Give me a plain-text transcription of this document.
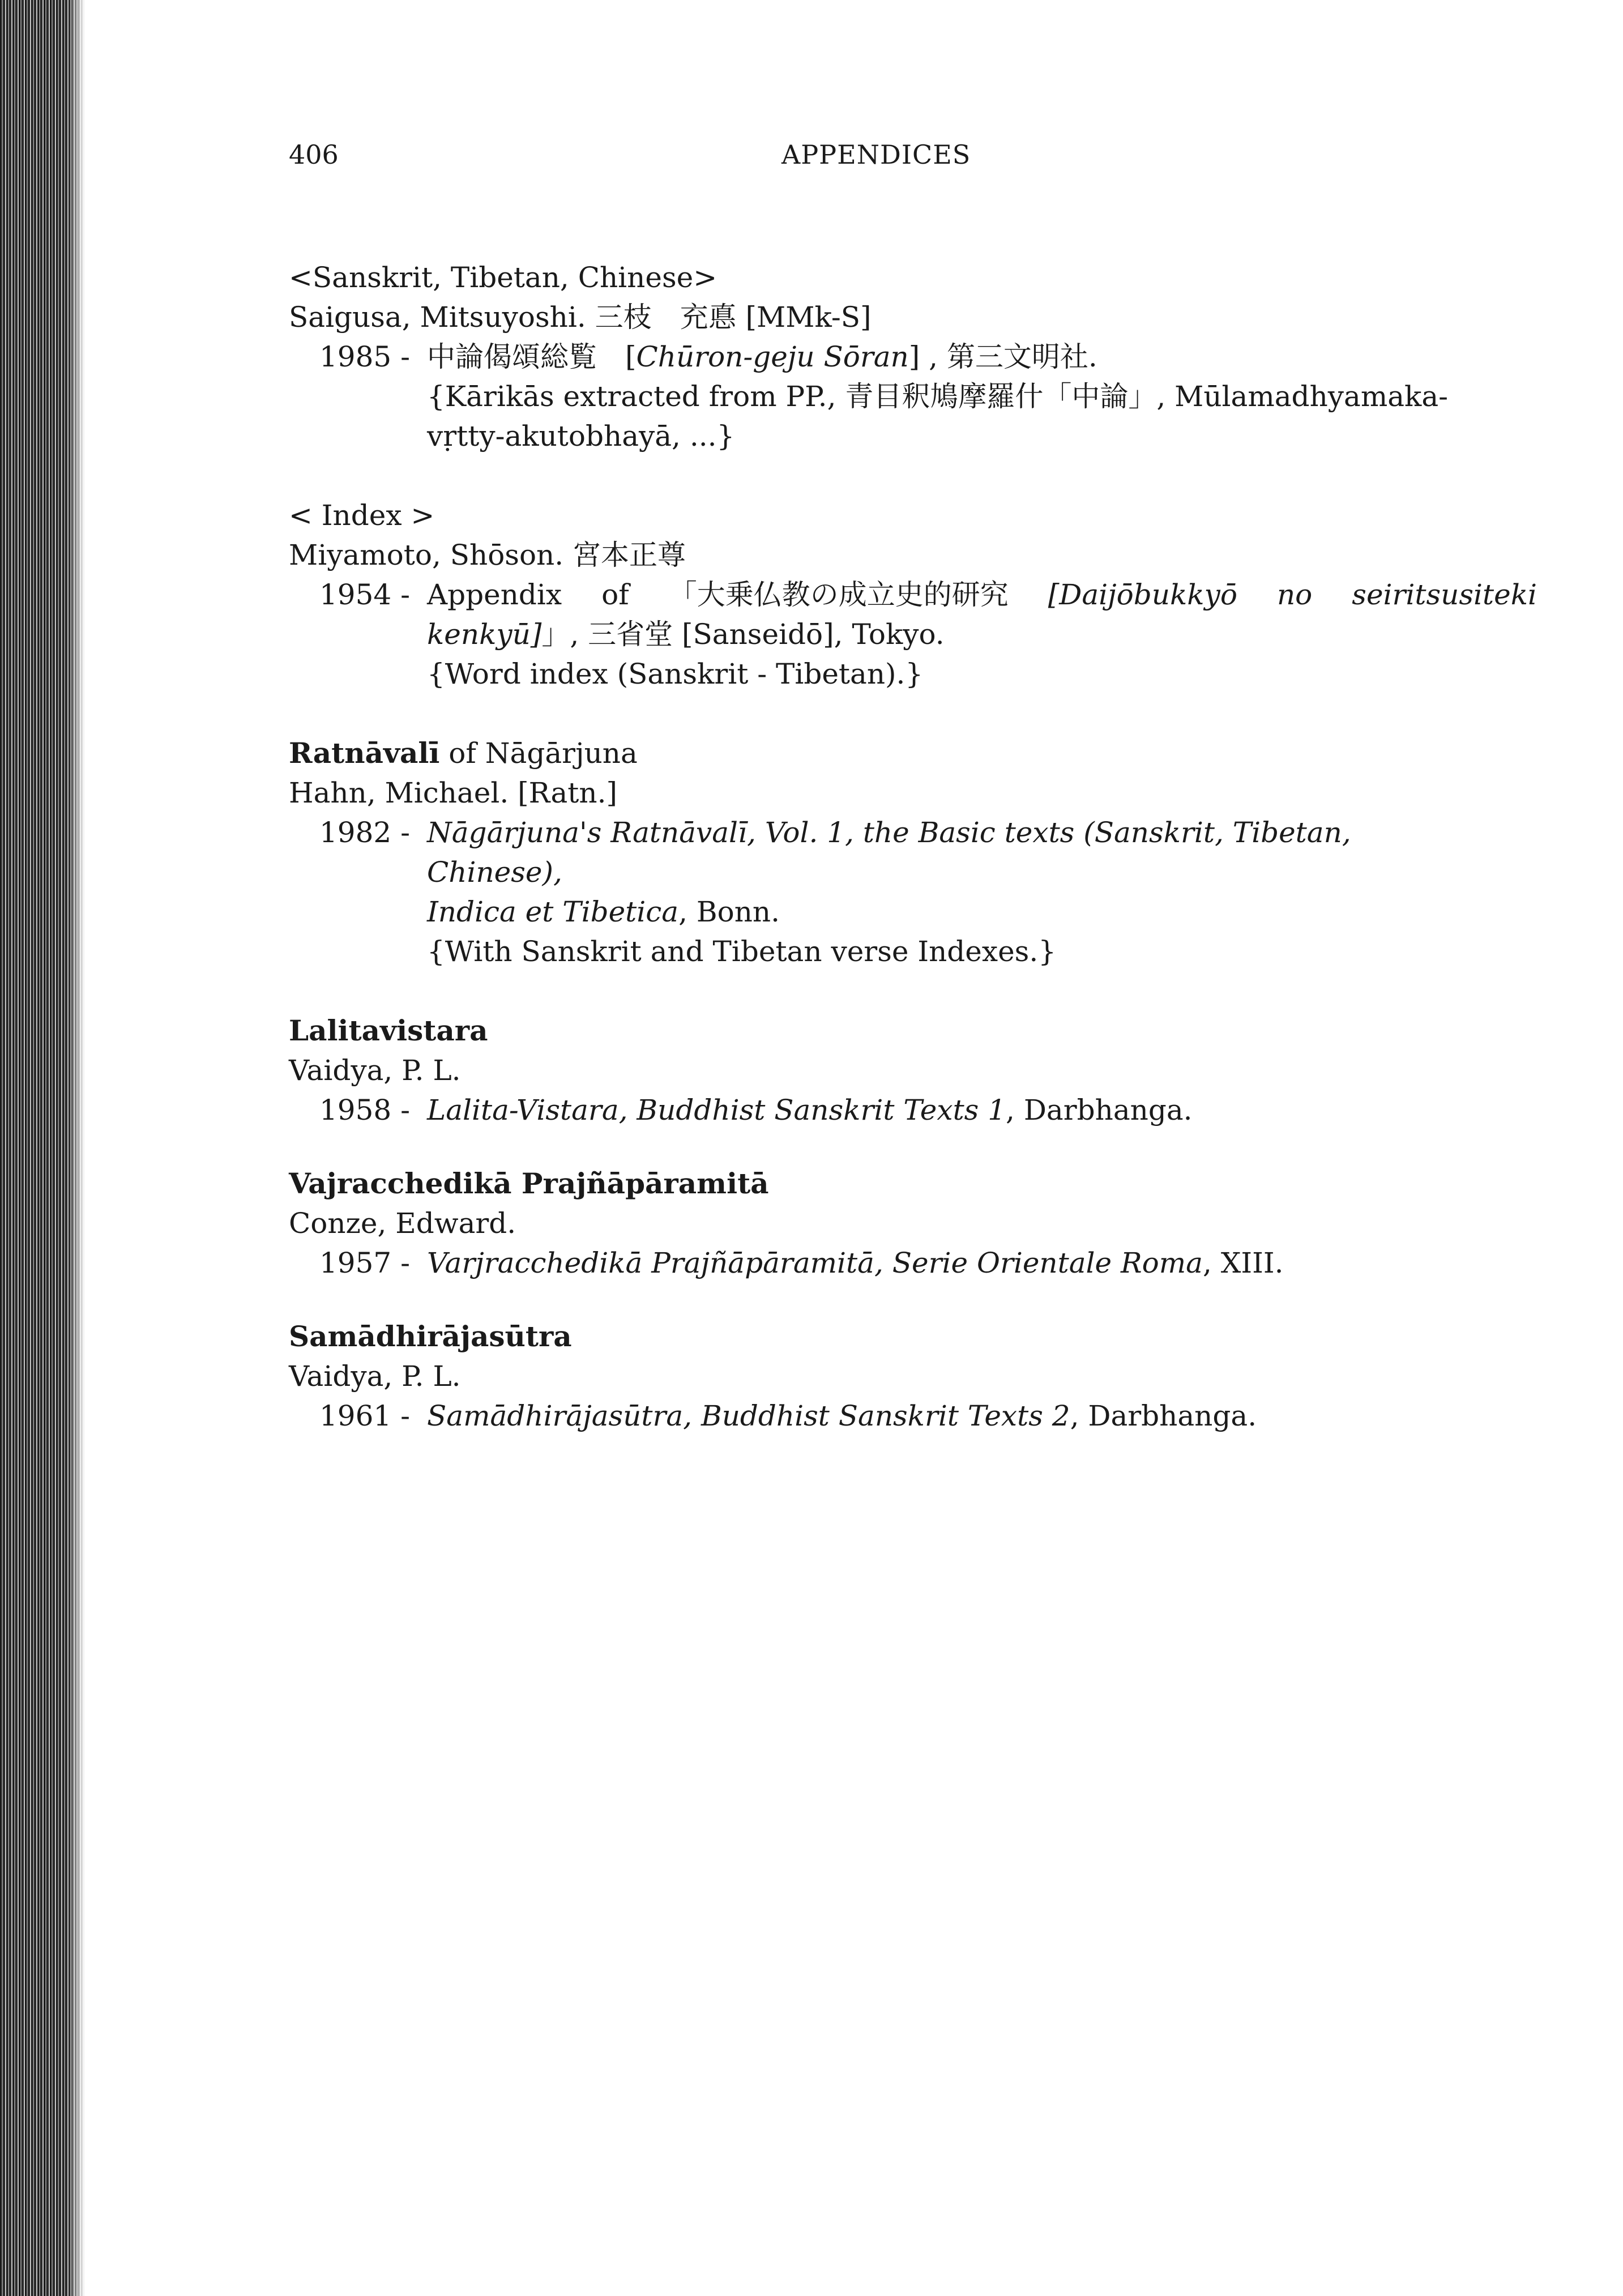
406	APPENDICES
<Sanskrit, Tibetan, Chinese>
Saigusa, Mitsuyoshi. 三枝　充悳 [MMk-S]
1985 - 中論偈頌総覧　[Chūron-geju Sōran] , 第三文明社.
{Kārikās extracted from PP., 青目釈鳩摩羅什「中論」, Mūlamadhyamaka-
vṛtty-akutobhayā, ...}
< Index >
Miyamoto, Shōson. 宮本正尊
1954 - Appendix of 「大乗仏教の成立史的研究 [Daijōbukkyō no seiritsusiteki
kenkyū]」, 三省堂 [Sanseidō], Tokyo.
{Word index (Sanskrit - Tibetan).}
Ratnāvalī of Nāgārjuna
Hahn, Michael. [Ratn.]
1982 - Nāgārjuna's Ratnāvalī, Vol. 1, the Basic texts (Sanskrit, Tibetan, Chinese),
Indica et Tibetica, Bonn.
{With Sanskrit and Tibetan verse Indexes.}
Lalitavistara
Vaidya, P. L.
1958 - Lalita-Vistara, Buddhist Sanskrit Texts 1, Darbhanga.
Vajracchedikā Prajñāpāramitā
Conze, Edward.
1957 - Varjracchedikā Prajñāpāramitā, Serie Orientale Roma, XIII.
Samādhirājasūtra
Vaidya, P. L.
1961 - Samādhirājasūtra, Buddhist Sanskrit Texts 2, Darbhanga.
